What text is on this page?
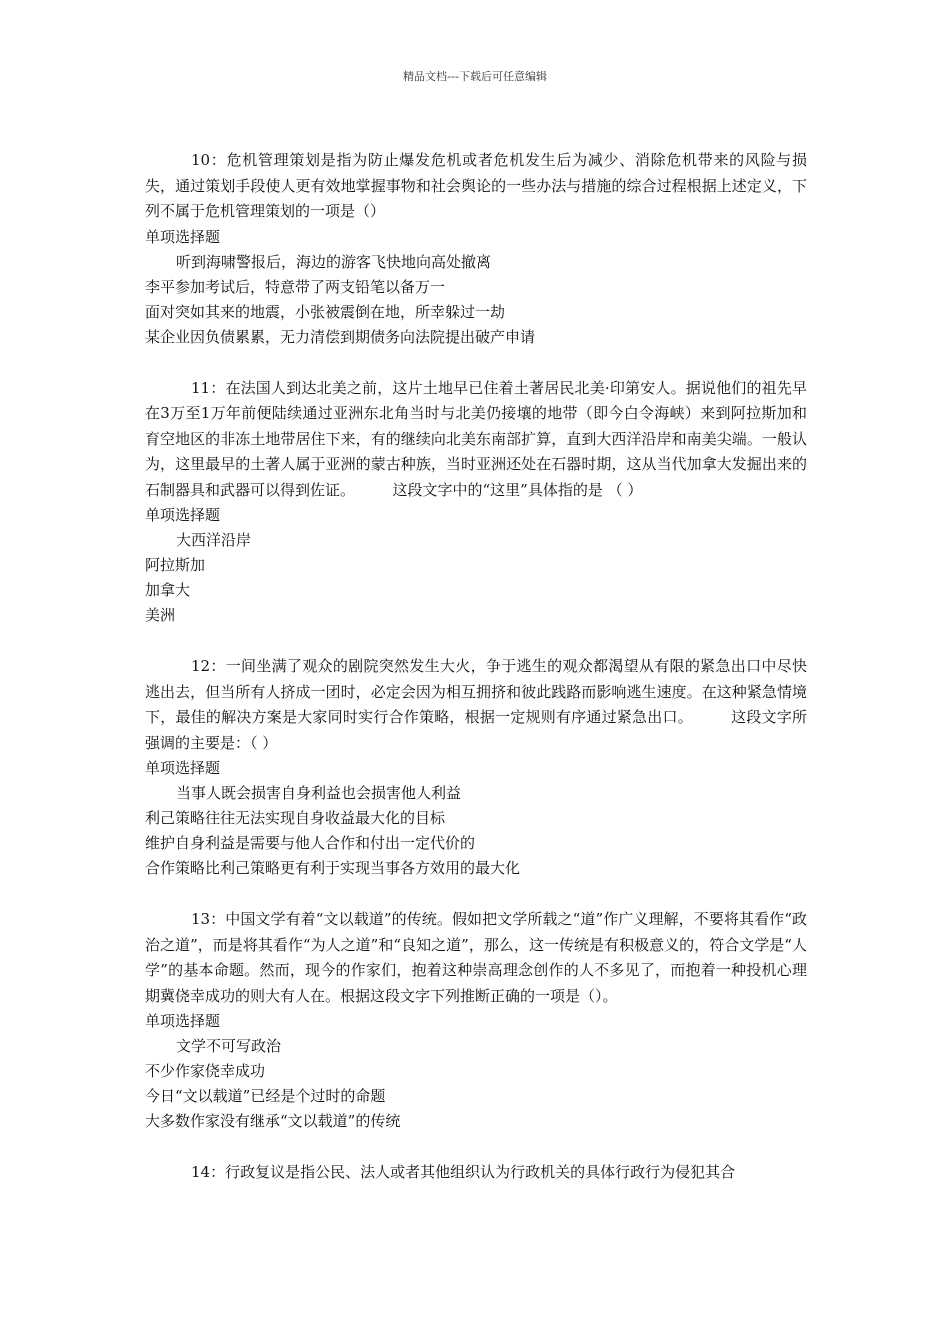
精品文档---下载后可任意编辑

10：危机管理策划是指为防止爆发危机或者危机发生后为减少、消除危机带来的风险与损失，通过策划手段使人更有效地掌握事物和社会舆论的一些办法与措施的综合过程根据上述定义，下列不属于危机管理策划的一项是（）

单项选择题

听到海啸警报后，海边的游客飞快地向高处撤离

李平参加考试后，特意带了两支铅笔以备万一

面对突如其来的地震，小张被震倒在地，所幸躲过一劫

某企业因负债累累，无力清偿到期债务向法院提出破产申请

11：在法国人到达北美之前，这片土地早已住着土著居民北美·印第安人。据说他们的祖先早在3万至1万年前便陆续通过亚洲东北角当时与北美仍接壤的地带（即今白令海峡）来到阿拉斯加和育空地区的非冻土地带居住下来，有的继续向北美东南部扩算，直到大西洋沿岸和南美尖端。一般认为，这里最早的土著人属于亚洲的蒙古种族，当时亚洲还处在石器时期，这从当代加拿大发掘出来的石制器具和武器可以得到佐证。　　　这段文字中的“这里”具体指的是 （ ）

单项选择题

大西洋沿岸

阿拉斯加

加拿大

美洲

12：一间坐满了观众的剧院突然发生大火，争于逃生的观众都渴望从有限的紧急出口中尽快逃出去，但当所有人挤成一团时，必定会因为相互拥挤和彼此践路而影响逃生速度。在这种紧急情境下，最佳的解决方案是大家同时实行合作策略，根据一定规则有序通过紧急出口。　　　这段文字所强调的主要是：（ ）

单项选择题

当事人既会损害自身利益也会损害他人利益

利己策略往往无法实现自身收益最大化的目标

维护自身利益是需要与他人合作和付出一定代价的

合作策略比利己策略更有利于实现当事各方效用的最大化

13：中国文学有着“文以载道”的传统。假如把文学所载之“道”作广义理解，不要将其看作“政治之道”，而是将其看作“为人之道”和“良知之道”，那么，这一传统是有积极意义的，符合文学是“人学”的基本命题。然而，现今的作家们，抱着这种崇高理念创作的人不多见了，而抱着一种投机心理期冀侥幸成功的则大有人在。根据这段文字下列推断正确的一项是（）。

单项选择题

文学不可写政治

不少作家侥幸成功

今日“文以载道”已经是个过时的命题

大多数作家没有继承“文以载道”的传统

14：行政复议是指公民、法人或者其他组织认为行政机关的具体行政行为侵犯其合
